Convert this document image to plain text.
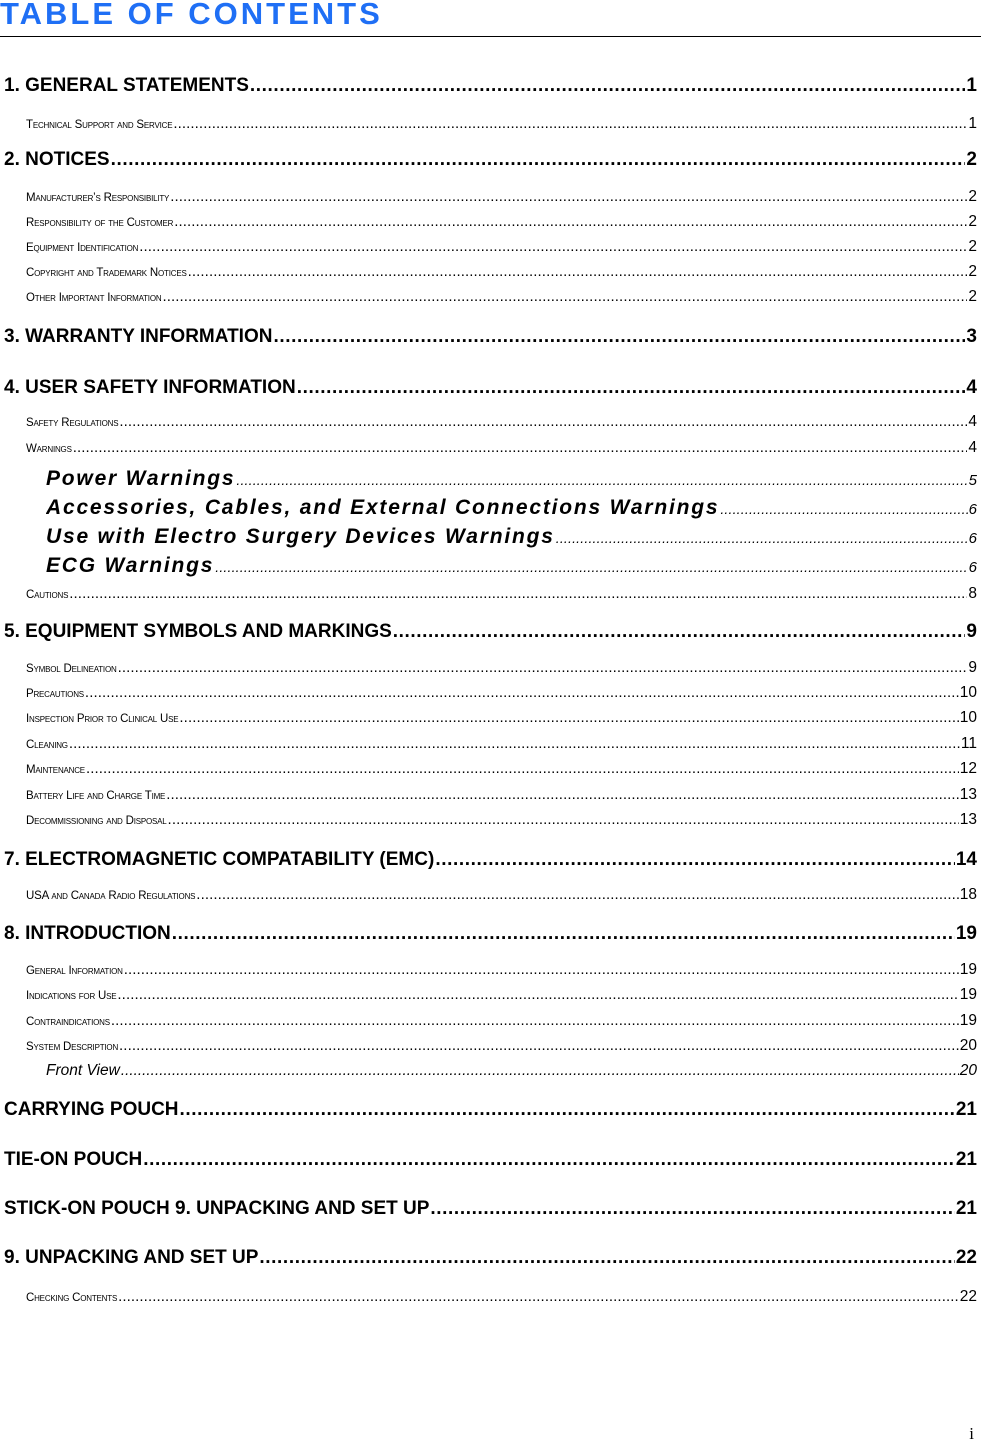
TABLE OF CONTENTS
1. GENERAL STATEMENTS .....	1
Technical Support and Service .....	1
2. NOTICES .....	2
Manufacturer’s Responsibility .....	2
Responsibility of the Customer .....	2
Equipment Identification .....	2
Copyright and Trademark Notices .....	2
Other Important Information .....	2
3. WARRANTY INFORMATION .....	3
4. USER SAFETY INFORMATION .....	4
Safety Regulations .....	4
Warnings .....	4
Power Warnings .....	5
Accessories, Cables, and External Connections Warnings .....	6
Use with Electro Surgery Devices Warnings .....	6
ECG Warnings .....	6
Cautions .....	8
5. EQUIPMENT SYMBOLS AND MARKINGS .....	9
Symbol Delineation .....	9
Precautions .....	10
Inspection Prior to Clinical Use .....	10
Cleaning .....	11
Maintenance .....	12
Battery Life and Charge Time .....	13
Decommissioning and Disposal .....	13
7. ELECTROMAGNETIC COMPATABILITY (EMC) .....	14
USA and Canada Radio Regulations .....	18
8. INTRODUCTION .....	19
General Information .....	19
Indications for Use .....	19
Contraindications .....	19
System Description .....	20
Front View .....	20
CARRYING POUCH .....	21
TIE-ON POUCH .....	21
STICK-ON POUCH 9. UNPACKING AND SET UP .....	21
9. UNPACKING AND SET UP .....	22
Checking Contents .....	22
i
